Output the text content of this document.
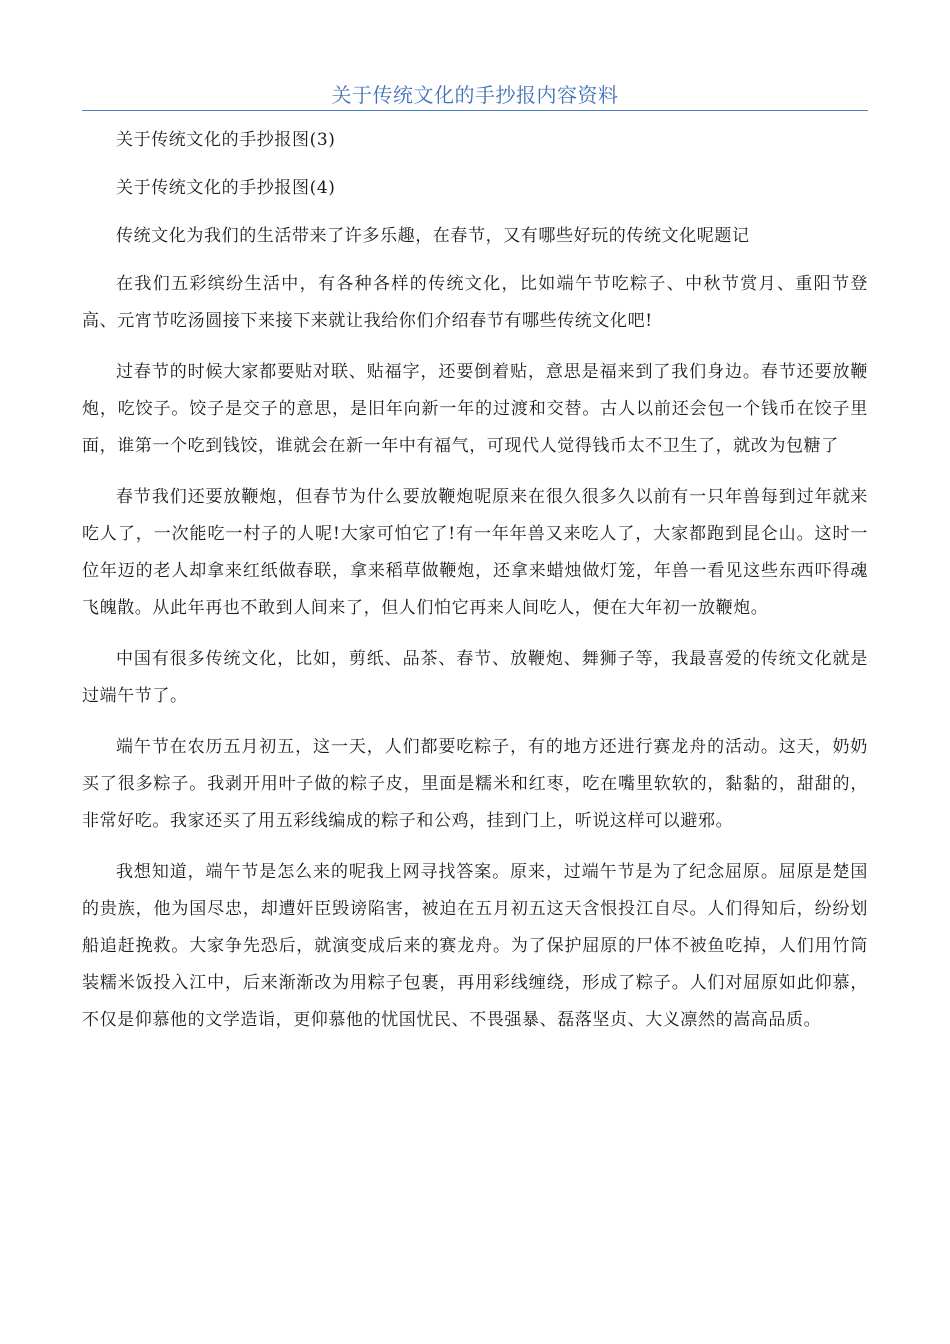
关于传统文化的手抄报内容资料

关于传统文化的手抄报图(3)

关于传统文化的手抄报图(4)

传统文化为我们的生活带来了许多乐趣，在春节，又有哪些好玩的传统文化呢题记

在我们五彩缤纷生活中，有各种各样的传统文化，比如端午节吃粽子、中秋节赏月、重阳节登高、元宵节吃汤圆接下来接下来就让我给你们介绍春节有哪些传统文化吧!

过春节的时候大家都要贴对联、贴福字，还要倒着贴，意思是福来到了我们身边。春节还要放鞭炮，吃饺子。饺子是交子的意思，是旧年向新一年的过渡和交替。古人以前还会包一个钱币在饺子里面，谁第一个吃到钱饺，谁就会在新一年中有福气，可现代人觉得钱币太不卫生了，就改为包糖了

春节我们还要放鞭炮，但春节为什么要放鞭炮呢原来在很久很多久以前有一只年兽每到过年就来吃人了，一次能吃一村子的人呢!大家可怕它了!有一年年兽又来吃人了，大家都跑到昆仑山。这时一位年迈的老人却拿来红纸做春联，拿来稻草做鞭炮，还拿来蜡烛做灯笼，年兽一看见这些东西吓得魂飞魄散。从此年再也不敢到人间来了，但人们怕它再来人间吃人，便在大年初一放鞭炮。

中国有很多传统文化，比如，剪纸、品茶、春节、放鞭炮、舞狮子等，我最喜爱的传统文化就是过端午节了。

端午节在农历五月初五，这一天，人们都要吃粽子，有的地方还进行赛龙舟的活动。这天，奶奶买了很多粽子。我剥开用叶子做的粽子皮，里面是糯米和红枣，吃在嘴里软软的，黏黏的，甜甜的，非常好吃。我家还买了用五彩线编成的粽子和公鸡，挂到门上，听说这样可以避邪。

我想知道，端午节是怎么来的呢我上网寻找答案。原来，过端午节是为了纪念屈原。屈原是楚国的贵族，他为国尽忠，却遭奸臣毁谤陷害，被迫在五月初五这天含恨投江自尽。人们得知后，纷纷划船追赶挽救。大家争先恐后，就演变成后来的赛龙舟。为了保护屈原的尸体不被鱼吃掉，人们用竹筒装糯米饭投入江中，后来渐渐改为用粽子包裹，再用彩线缠绕，形成了粽子。人们对屈原如此仰慕，不仅是仰慕他的文学造诣，更仰慕他的忧国忧民、不畏强暴、磊落坚贞、大义凛然的嵩高品质。
